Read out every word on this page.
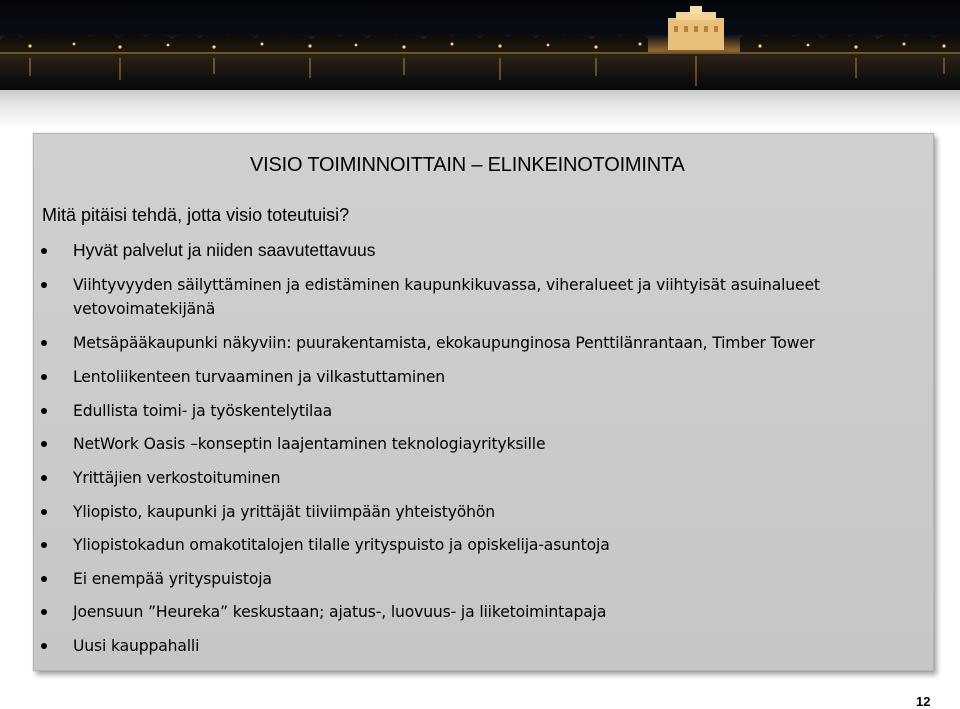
VISIO TOIMINNOITTAIN – ELINKEINOTOIMINTA
Mitä pitäisi tehdä, jotta visio toteutuisi?
Hyvät palvelut ja niiden saavutettavuus
Viihtyvyyden säilyttäminen ja edistäminen kaupunkikuvassa, viheralueet ja viihtyisät asuinalueet vetovoimatekijänä
Metsäpääkaupunki näkyviin: puurakentamista, ekokaupunginosa Penttilänrantaan, Timber Tower
Lentoliikenteen turvaaminen ja vilkastuttaminen
Edullista toimi- ja työskentelytilaa
NetWork Oasis –konseptin laajentaminen teknologiayrityksille
Yrittäjien verkostoituminen
Yliopisto, kaupunki ja yrittäjät tiiviimpään yhteistyöhön
Yliopistokadun omakotitalojen tilalle yrityspuisto ja opiskelija-asuntoja
Ei enempää yrityspuistoja
Joensuun ”Heureka” keskustaan; ajatus-, luovuus- ja liiketoimintapaja
Uusi kauppahalli
12
